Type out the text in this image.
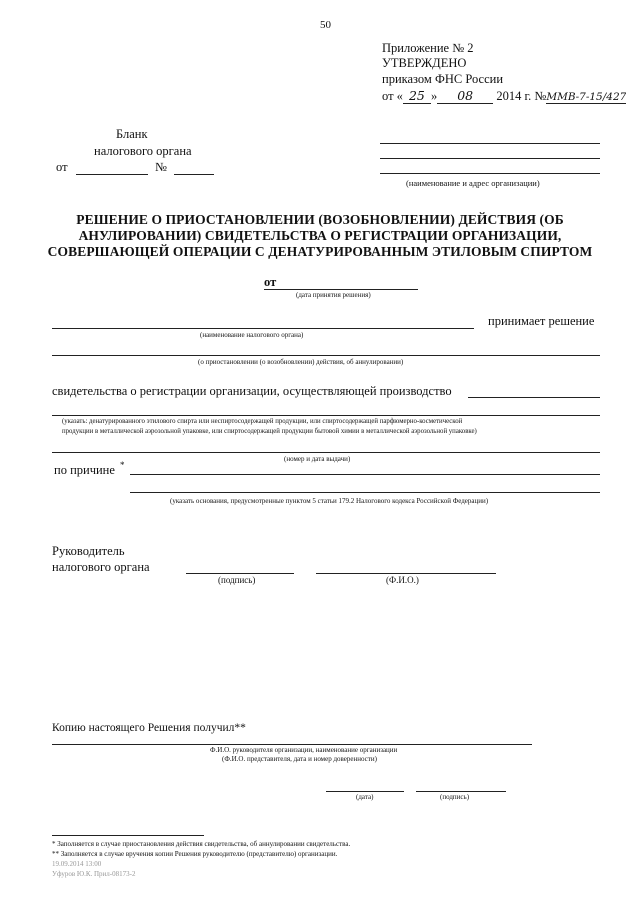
50
Приложение № 2
УТВЕРЖДЕНО
приказом ФНС России
от « 25 » 08 2014 г. №ММВ-7-15/427
(наименование и адрес организации)
Бланк
налогового органа
от	№
РЕШЕНИЕ О ПРИОСТАНОВЛЕНИИ (ВОЗОБНОВЛЕНИИ) ДЕЙСТВИЯ (ОБ
АНУЛИРОВАНИИ) СВИДЕТЕЛЬСТВА О РЕГИСТРАЦИИ ОРГАНИЗАЦИИ,
СОВЕРШАЮЩЕЙ ОПЕРАЦИИ С ДЕНАТУРИРОВАННЫМ ЭТИЛОВЫМ СПИРТОМ
от
(дата принятия решения)
принимает решение
(наименование налогового органа)
(о приостановлении (о возобновлении) действия, об аннулировании)
свидетельства о регистрации организации, осуществляющей производство
(указать: денатурированного этилового спирта или неспиртосодержащей продукции, или спиртосодержащей парфюмерно-косметической
продукции в металлической аэрозольной упаковке, или спиртосодержащей продукции бытовой химии в металлической аэрозольной упаковке)
(номер и дата выдачи)
по причине *
(указать основания, предусмотренные пунктом 5 статьи 179.2 Налогового кодекса Российской Федерации)
Руководитель
налогового органа
(подпись)	(Ф.И.О.)
Копию настоящего Решения получил**
Ф.И.О. руководителя организации, наименование организации
(Ф.И.О. представителя, дата и номер доверенности)
(дата)	(подпись)
* Заполняется в случае приостановления действия свидетельства, об аннулировании свидетельства.
** Заполняется в случае вручения копии Решения руководителю (представителю) организации.
19.09.2014 13:00
Уфуров Ю.К. Прил-08173-2
